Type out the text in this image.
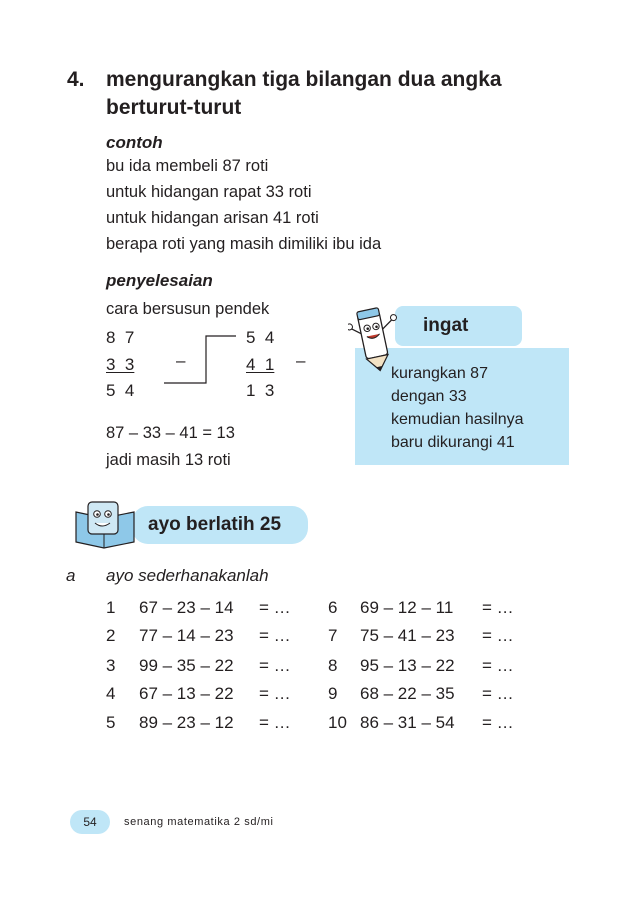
4. mengurangkan tiga bilangan dua angka
berturut-turut
contoh
bu ida membeli 87 roti
untuk hidangan rapat 33 roti
untuk hidangan arisan 41 roti
berapa roti yang masih dimiliki ibu ida
penyelesaian
cara bersusun pendek
8  7
3  3 –
5  4
5  4
4  1 –
1  3
87 – 33 – 41 = 13
jadi masih 13 roti
ingat
kurangkan 87
dengan 33
kemudian hasilnya
baru dikurangi 41
ayo berlatih 25
a ayo sederhanakanlah
1 67 – 23 – 14 = …
2 77 – 14 – 23 = …
3 99 – 35 – 22 = …
4 67 – 13 – 22 = …
5 89 – 23 – 12 = …
6 69 – 12 – 11 = …
7 75 – 41 – 23 = …
8 95 – 13 – 22 = …
9 68 – 22 – 35 = …
10 86 – 31 – 54 = …
54	senang matematika 2 sd/mi
